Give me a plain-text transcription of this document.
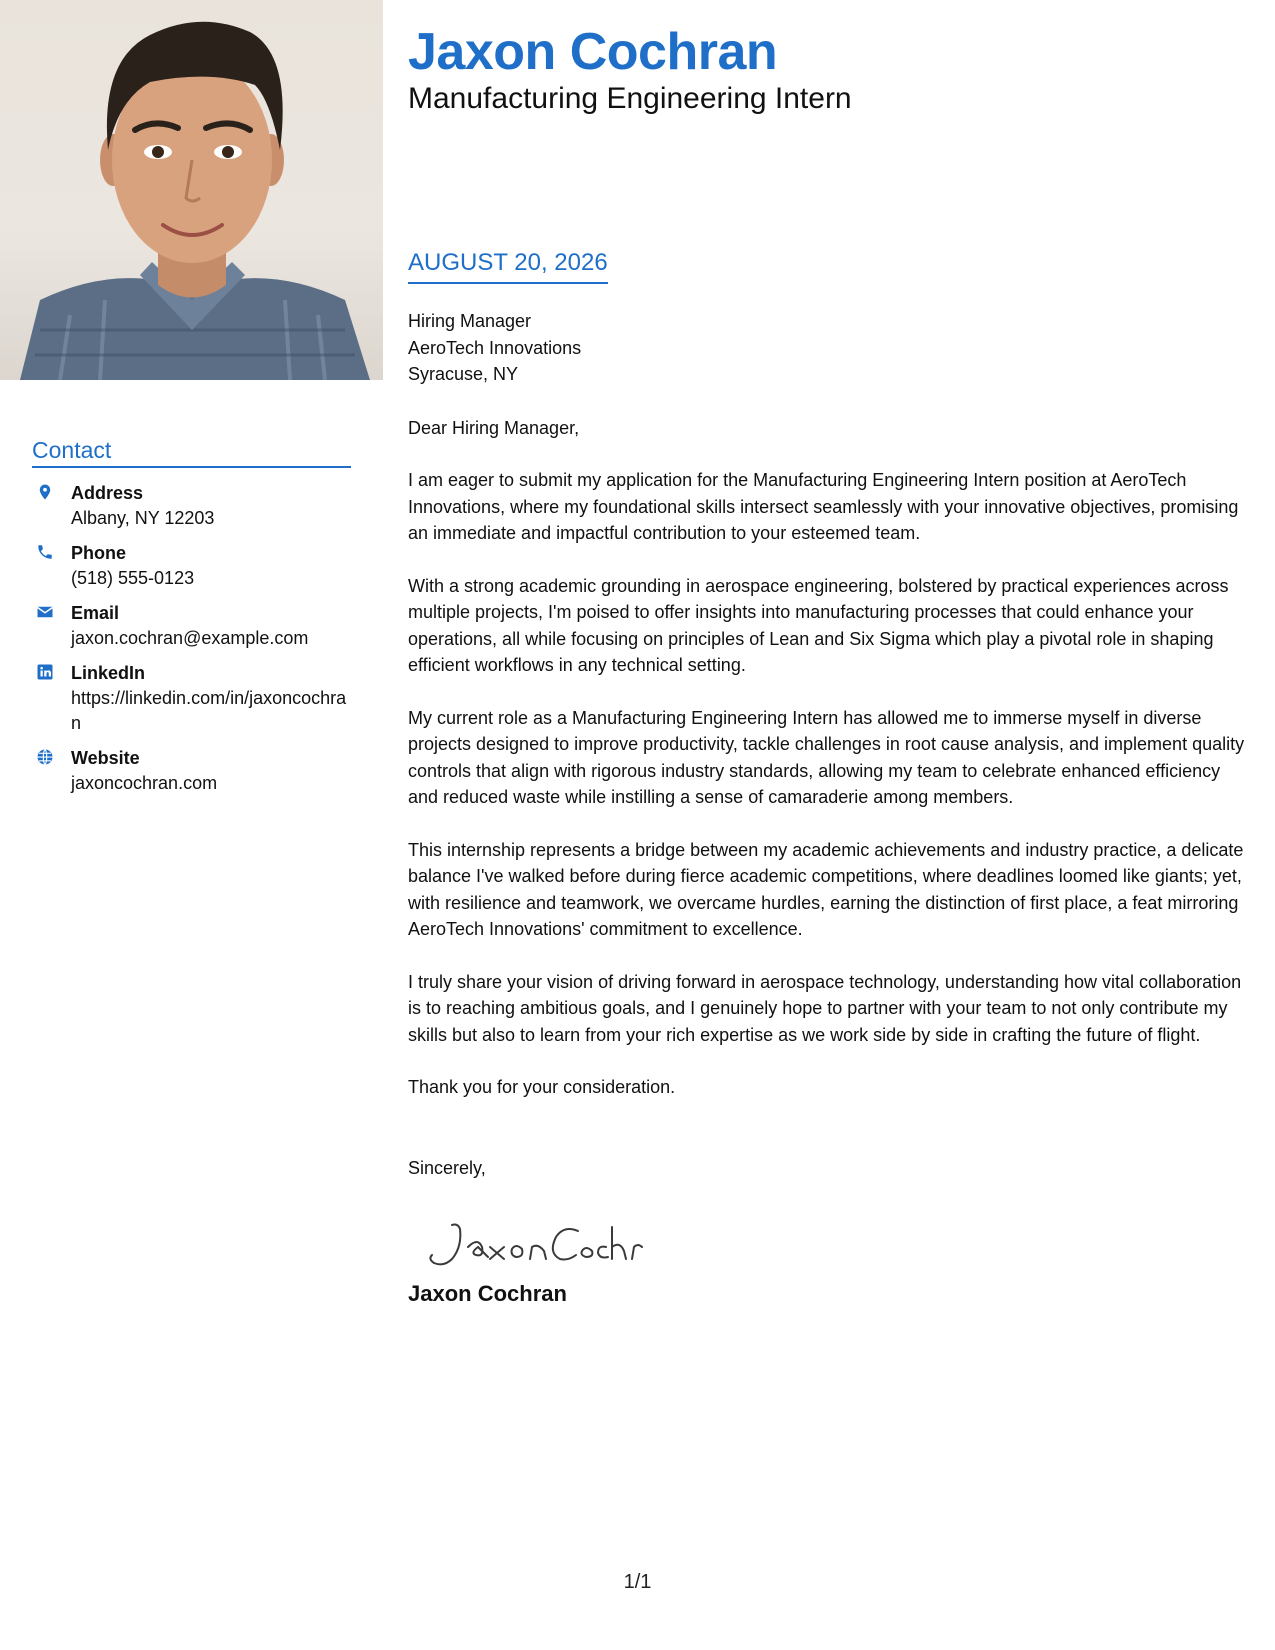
Contact
Address
Albany, NY 12203
Phone
(518) 555-0123
Email
jaxon.cochran@example.com
LinkedIn
https://linkedin.com/in/jaxoncochran
Website
jaxoncochran.com
Jaxon Cochran
Manufacturing Engineering Intern
AUGUST 20, 2026
Hiring Manager
AeroTech Innovations
Syracuse, NY

Dear Hiring Manager,

I am eager to submit my application for the Manufacturing Engineering Intern position at AeroTech Innovations, where my foundational skills intersect seamlessly with your innovative objectives, promising an immediate and impactful contribution to your esteemed team.

With a strong academic grounding in aerospace engineering, bolstered by practical experiences across multiple projects, I'm poised to offer insights into manufacturing processes that could enhance your operations, all while focusing on principles of Lean and Six Sigma which play a pivotal role in shaping efficient workflows in any technical setting.

My current role as a Manufacturing Engineering Intern has allowed me to immerse myself in diverse projects designed to improve productivity, tackle challenges in root cause analysis, and implement quality controls that align with rigorous industry standards, allowing my team to celebrate enhanced efficiency and reduced waste while instilling a sense of camaraderie among members.

This internship represents a bridge between my academic achievements and industry practice, a delicate balance I've walked before during fierce academic competitions, where deadlines loomed like giants; yet, with resilience and teamwork, we overcame hurdles, earning the distinction of first place, a feat mirroring AeroTech Innovations' commitment to excellence.

I truly share your vision of driving forward in aerospace technology, understanding how vital collaboration is to reaching ambitious goals, and I genuinely hope to partner with your team to not only contribute my skills but also to learn from your rich expertise as we work side by side in crafting the future of flight.

Thank you for your consideration.

Sincerely,

Jaxon Cochran
1/1
